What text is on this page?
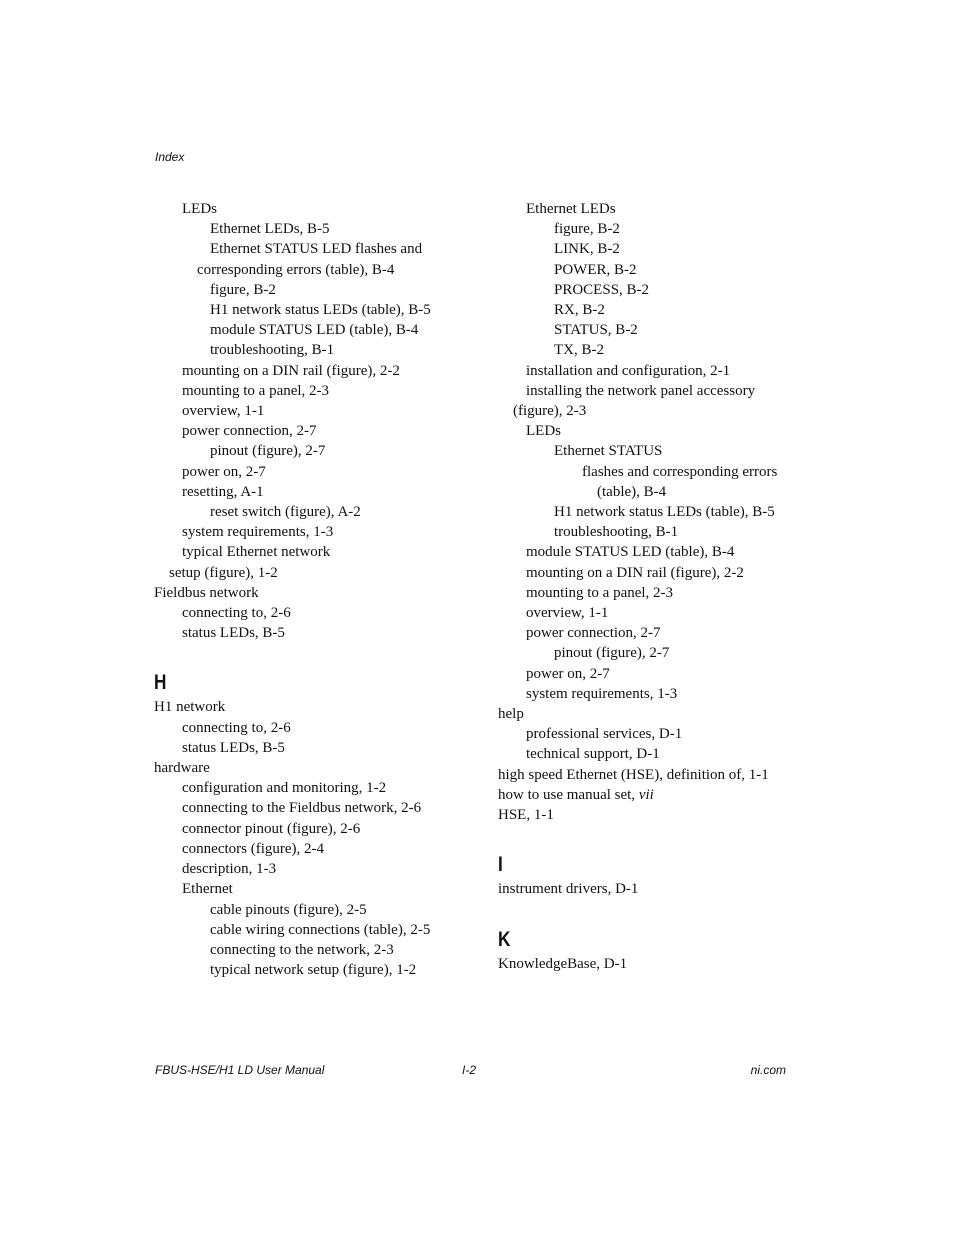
Index
LEDs
Ethernet LEDs, B-5
Ethernet STATUS LED flashes and
corresponding errors (table), B-4
figure, B-2
H1 network status LEDs (table), B-5
module STATUS LED (table), B-4
troubleshooting, B-1
mounting on a DIN rail (figure), 2-2
mounting to a panel, 2-3
overview, 1-1
power connection, 2-7
pinout (figure), 2-7
power on, 2-7
resetting, A-1
reset switch (figure), A-2
system requirements, 1-3
typical Ethernet network
setup (figure), 1-2
Fieldbus network
connecting to, 2-6
status LEDs, B-5
H
H1 network
connecting to, 2-6
status LEDs, B-5
hardware
configuration and monitoring, 1-2
connecting to the Fieldbus network, 2-6
connector pinout (figure), 2-6
connectors (figure), 2-4
description, 1-3
Ethernet
cable pinouts (figure), 2-5
cable wiring connections (table), 2-5
connecting to the network, 2-3
typical network setup (figure), 1-2
Ethernet LEDs
figure, B-2
LINK, B-2
POWER, B-2
PROCESS, B-2
RX, B-2
STATUS, B-2
TX, B-2
installation and configuration, 2-1
installing the network panel accessory
(figure), 2-3
LEDs
Ethernet STATUS
flashes and corresponding errors
(table), B-4
H1 network status LEDs (table), B-5
troubleshooting, B-1
module STATUS LED (table), B-4
mounting on a DIN rail (figure), 2-2
mounting to a panel, 2-3
overview, 1-1
power connection, 2-7
pinout (figure), 2-7
power on, 2-7
system requirements, 1-3
help
professional services, D-1
technical support, D-1
high speed Ethernet (HSE), definition of, 1-1
how to use manual set, vii
HSE, 1-1
I
instrument drivers, D-1
K
KnowledgeBase, D-1
FBUS-HSE/H1 LD User Manual	I-2	ni.com
